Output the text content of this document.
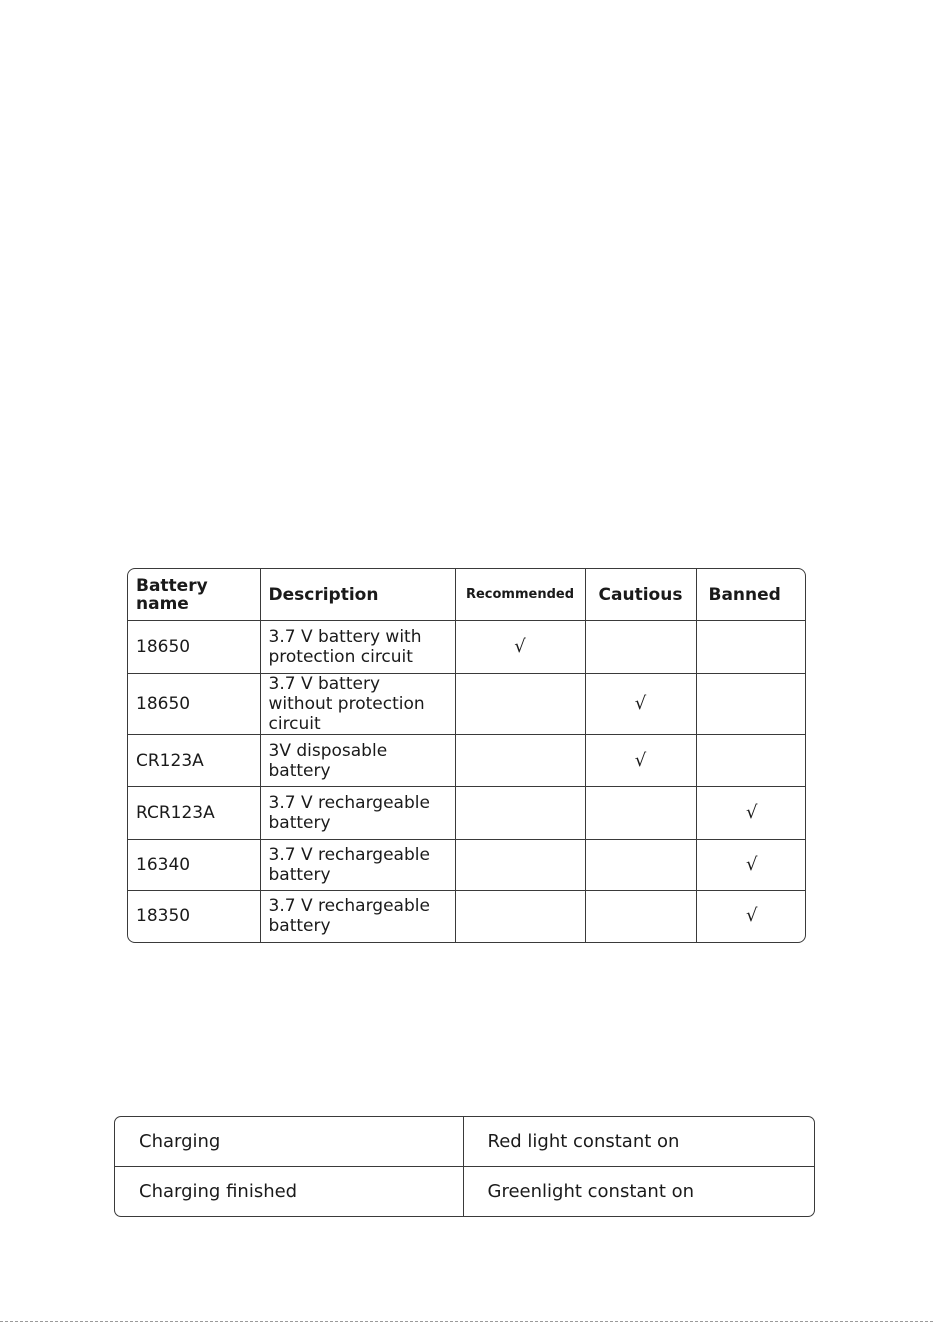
Battery name	Description	Recommended	Cautious	Banned
18650	3.7 V battery with protection circuit	√		
18650	3.7 V battery without protection circuit		√	
CR123A	3V disposable battery		√	
RCR123A	3.7 V rechargeable battery			√
16340	3.7 V rechargeable battery			√
18350	3.7 V rechargeable battery			√
Charging	Red light constant on
Charging finished	Greenlight constant on
